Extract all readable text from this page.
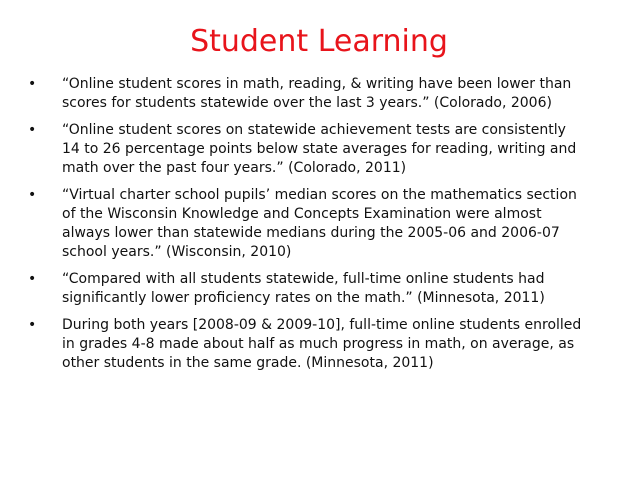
Student Learning
•	“Online student scores in math, reading, & writing have been lower than scores for students statewide over the last 3 years.” (Colorado, 2006)
•	“Online student scores on statewide achievement tests are consistently 14 to 26 percentage points below state averages for reading, writing and math over the past four years.” (Colorado, 2011)
•	“Virtual charter school pupils’ median scores on the mathematics section of the Wisconsin Knowledge and Concepts Examination were almost always lower than statewide medians during the 2005-06 and 2006-07 school years.” (Wisconsin, 2010)
•	“Compared with all students statewide, full-time online students had significantly lower proficiency rates on the math.” (Minnesota, 2011)
•	During both years [2008-09 & 2009-10], full-time online students enrolled in grades 4-8 made about half as much progress in math, on average, as other students in the same grade. (Minnesota, 2011)
